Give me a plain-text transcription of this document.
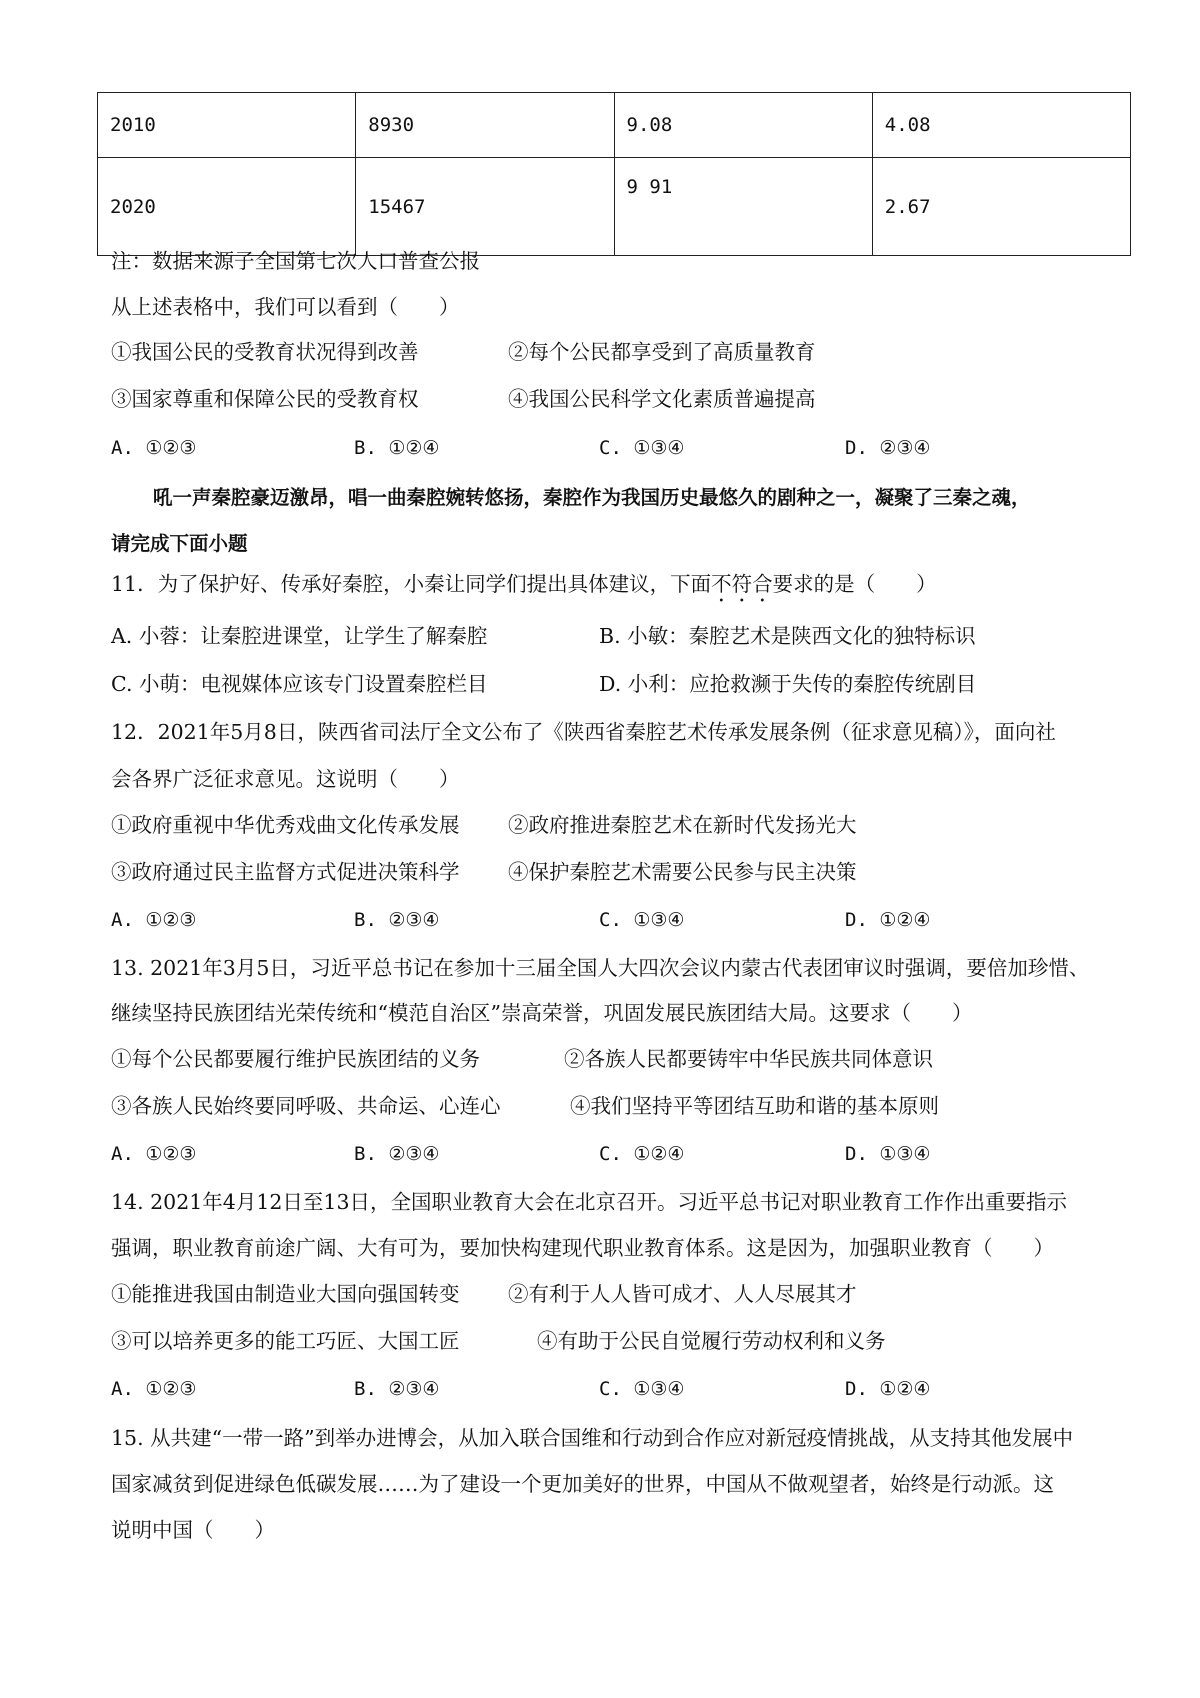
2010	8930	9.08	4.08
2020	15467	9 91	2.67
注：数据来源子全国第七次人口普查公报
从上述表格中，我们可以看到（　　）
①我国公民的受教育状况得到改善	②每个公民都享受到了高质量教育
③国家尊重和保障公民的受教育权	④我国公民科学文化素质普遍提高
A. ①②③	B. ①②④	C. ①③④	D. ②③④
吼一声秦腔豪迈激昂，唱一曲秦腔婉转悠扬，秦腔作为我国历史最悠久的剧种之一，凝聚了三秦之魂，
请完成下面小题
11．为了保护好、传承好秦腔，小秦让同学们提出具体建议，下面不符合要求的是（　　）
A. 小蓉：让秦腔进课堂，让学生了解秦腔	B. 小敏：秦腔艺术是陕西文化的独特标识
C. 小萌：电视媒体应该专门设置秦腔栏目	D. 小利：应抢救濒于失传的秦腔传统剧目
12．2021年5月8日，陕西省司法厅全文公布了《陕西省秦腔艺术传承发展条例（征求意见稿）》，面向社
会各界广泛征求意见。这说明（　　）
①政府重视中华优秀戏曲文化传承发展 ②政府推进秦腔艺术在新时代发扬光大
③政府通过民主监督方式促进决策科学 ④保护秦腔艺术需要公民参与民主决策
A. ①②③	B. ②③④	C. ①③④	D. ①②④
13. 2021年3月5日，习近平总书记在参加十三届全国人大四次会议内蒙古代表团审议时强调，要倍加珍惜、
继续坚持民族团结光荣传统和“模范自治区”崇高荣誉，巩固发展民族团结大局。这要求（　　）
①每个公民都要履行维护民族团结的义务	②各族人民都要铸牢中华民族共同体意识
③各族人民始终要同呼吸、共命运、心连心	④我们坚持平等团结互助和谐的基本原则
A. ①②③	B. ②③④	C. ①②④	D. ①③④
14. 2021年4月12日至13日，全国职业教育大会在北京召开。习近平总书记对职业教育工作作出重要指示
强调，职业教育前途广阔、大有可为，要加快构建现代职业教育体系。这是因为，加强职业教育（　　）
①能推进我国由制造业大国向强国转变 ②有利于人人皆可成才、人人尽展其才
③可以培养更多的能工巧匠、大国工匠	④有助于公民自觉履行劳动权利和义务
A. ①②③	B. ②③④	C. ①③④	D. ①②④
15. 从共建“一带一路”到举办进博会，从加入联合国维和行动到合作应对新冠疫情挑战，从支持其他发展中
国家减贫到促进绿色低碳发展……为了建设一个更加美好的世界，中国从不做观望者，始终是行动派。这
说明中国（　　）
